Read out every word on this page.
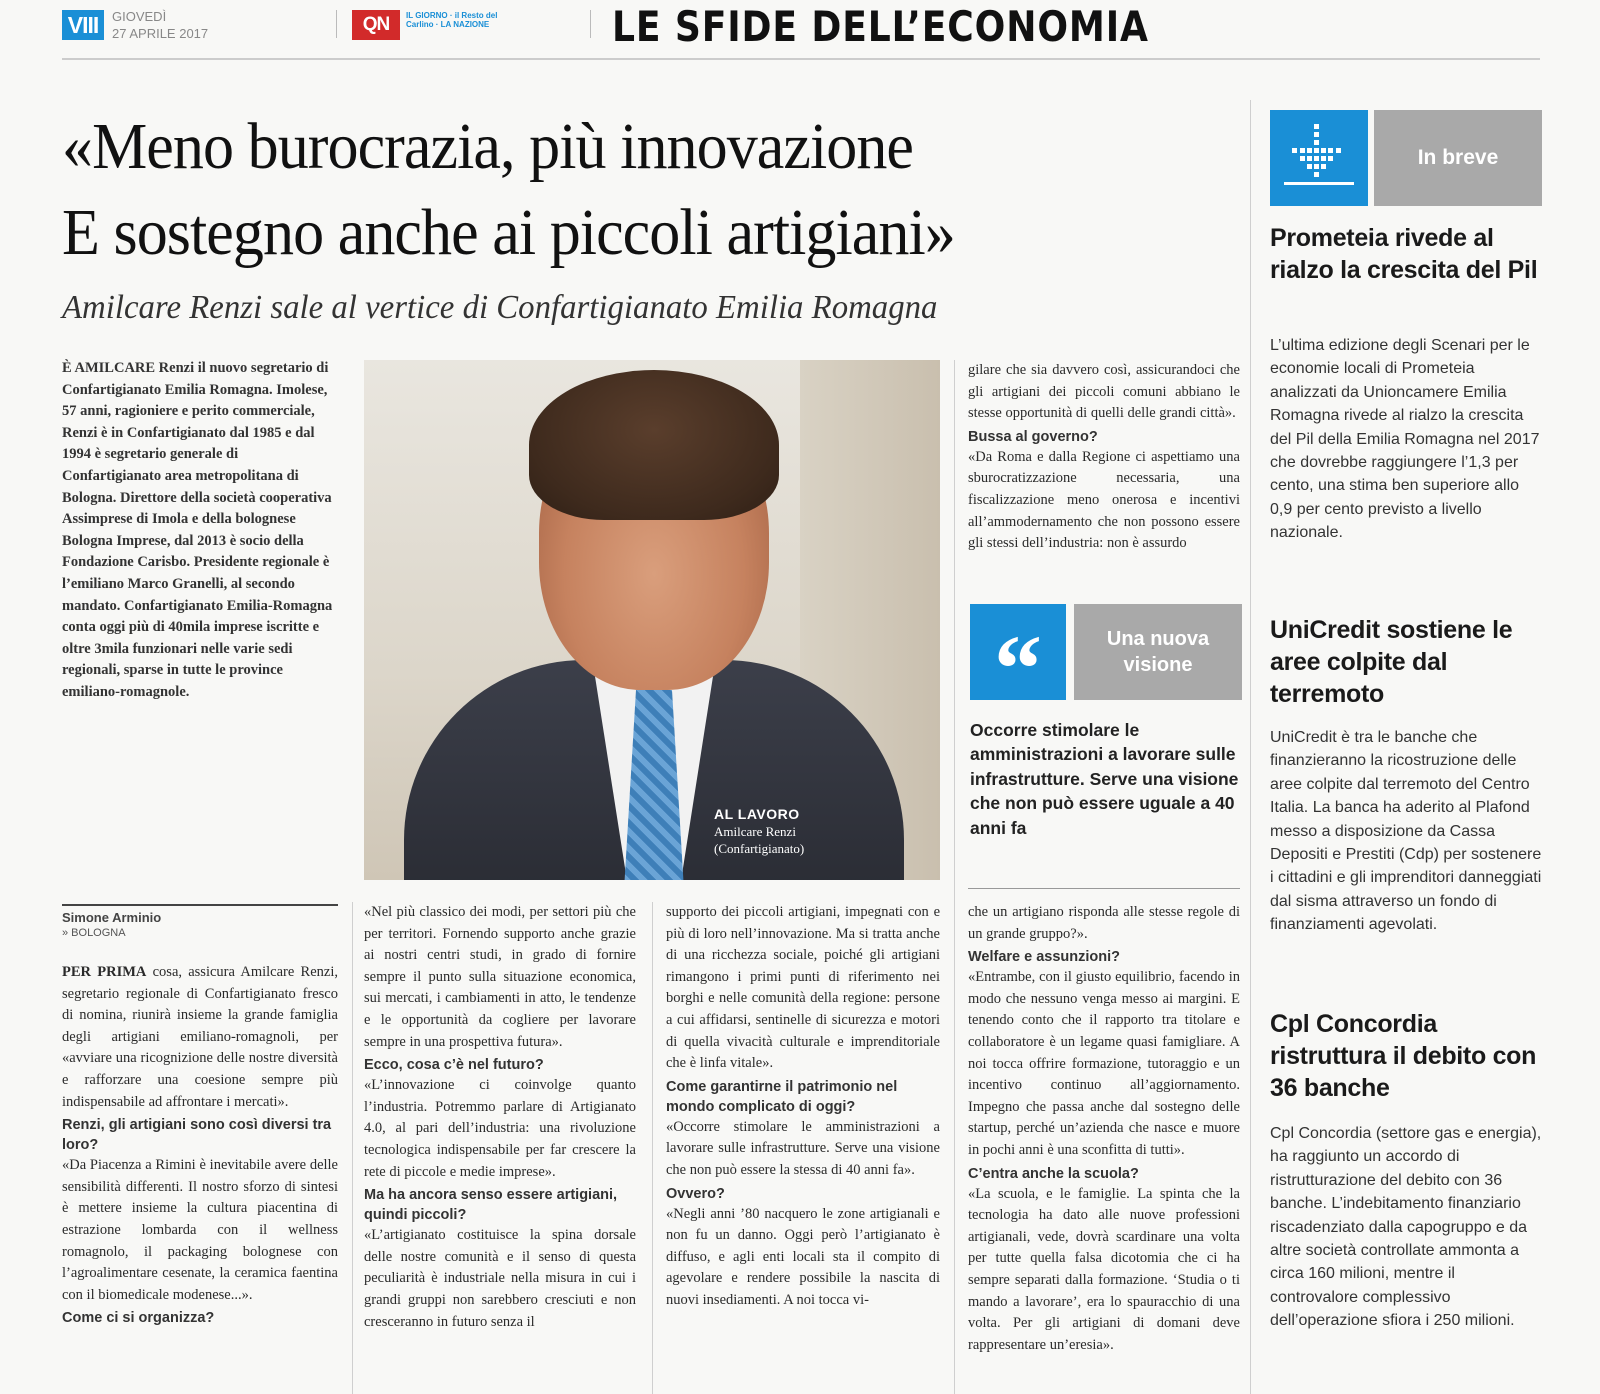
VIII	GIOVEDÌ
27 APRILE 2017	QN	IL GIORNO · il Resto del Carlino · LA NAZIONE	LE SFIDE DELL’ECONOMIA
«Meno burocrazia, più innovazione
E sostegno anche ai piccoli artigiani»
Amilcare Renzi sale al vertice di Confartigianato Emilia Romagna
È AMILCARE Renzi il nuovo segretario di Confartigianato Emilia Romagna. Imolese, 57 anni, ragioniere e perito commerciale, Renzi è in Confartigianato dal 1985 e dal 1994 è segretario generale di Confartigianato area metropolitana di Bologna. Direttore della società cooperativa Assimprese di Imola e della bolognese Bologna Imprese, dal 2013 è socio della Fondazione Carisbo. Presidente regionale è l’emiliano Marco Granelli, al secondo mandato. Confartigianato Emilia-Romagna conta oggi più di 40mila imprese iscritte e oltre 3mila funzionari nelle varie sedi regionali, sparse in tutte le province emiliano-romagnole.
AL LAVORO
Amilcare Renzi
(Confartigianato)
Simone Arminio
» BOLOGNA

PER PRIMA cosa, assicura Amilcare Renzi, segretario regionale di Confartigianato fresco di nomina, riunirà insieme la grande famiglia degli artigiani emiliano-romagnoli, per «avviare una ricognizione delle nostre diversità e rafforzare una coesione sempre più indispensabile ad affrontare i mercati».

Renzi, gli artigiani sono così diversi tra loro?

«Da Piacenza a Rimini è inevitabile avere delle sensibilità differenti. Il nostro sforzo di sintesi è mettere insieme la cultura piacentina di estrazione lombarda con il wellness romagnolo, il packaging bolognese con l’agroalimentare cesenate, la ceramica faentina con il biomedicale modenese...».

Come ci si organizza?

«Nel più classico dei modi, per settori più che per territori. Fornendo supporto anche grazie ai nostri centri studi, in grado di fornire sempre il punto sulla situazione economica, sui mercati, i cambiamenti in atto, le tendenze e le opportunità da cogliere per lavorare sempre in una prospettiva futura».

Ecco, cosa c’è nel futuro?

«L’innovazione ci coinvolge quanto l’industria. Potremmo parlare di Artigianato 4.0, al pari dell’industria: una rivoluzione tecnologica indispensabile per far crescere la rete di piccole e medie imprese».

Ma ha ancora senso essere artigiani, quindi piccoli?

«L’artigianato costituisce la spina dorsale delle nostre comunità e il senso di questa peculiarità è industriale nella misura in cui i grandi gruppi non sarebbero cresciuti e non cresceranno in futuro senza il

supporto dei piccoli artigiani, impegnati con e più di loro nell’innovazione. Ma si tratta anche di una ricchezza sociale, poiché gli artigiani rimangono i primi punti di riferimento nei borghi e nelle comunità della regione: persone a cui affidarsi, sentinelle di sicurezza e motori di quella vivacità culturale e imprenditoriale che è linfa vitale».

Come garantirne il patrimonio nel mondo complicato di oggi?

«Occorre stimolare le amministrazioni a lavorare sulle infrastrutture. Serve una visione che non può essere la stessa di 40 anni fa».

Ovvero?

«Negli anni ’80 nacquero le zone artigianali e non fu un danno. Oggi però l’artigianato è diffuso, e agli enti locali sta il compito di agevolare e rendere possibile la nascita di nuovi insediamenti. A noi tocca vi-

gilare che sia davvero così, assicurandoci che gli artigiani dei piccoli comuni abbiano le stesse opportunità di quelli delle grandi città».

Bussa al governo?

«Da Roma e dalla Regione ci aspettiamo una sburocratizzazione necessaria, una fiscalizzazione meno onerosa e incentivi all’ammodernamento che non possono essere gli stessi dell’industria: non è assurdo

che un artigiano risponda alle stesse regole di un grande gruppo?».

Welfare e assunzioni?

«Entrambe, con il giusto equilibrio, facendo in modo che nessuno venga messo ai margini. E tenendo conto che il rapporto tra titolare e collaboratore è un legame quasi famigliare. A noi tocca offrire formazione, tutoraggio e un incentivo continuo all’aggiornamento. Impegno che passa anche dal sostegno delle startup, perché un’azienda che nasce e muore in pochi anni è una sconfitta di tutti».

C’entra anche la scuola?

«La scuola, e le famiglie. La spinta che la tecnologia ha dato alle nuove professioni artigianali, vede, dovrà scardinare una volta per tutte quella falsa dicotomia che ci ha sempre separati dalla formazione. ‘Studia o ti mando a lavorare’, era lo spauracchio di una volta. Per gli artigiani di domani deve rappresentare un’eresia».

“	Una nuova
visione
Occorre stimolare le amministrazioni a lavorare sulle infrastrutture. Serve una visione che non può essere uguale a 40 anni fa
In breve
Prometeia rivede al rialzo la crescita del Pil
L’ultima edizione degli Scenari per le economie locali di Prometeia analizzati da Unioncamere Emilia Romagna rivede al rialzo la crescita del Pil della Emilia Romagna nel 2017 che dovrebbe raggiungere l’1,3 per cento, una stima ben superiore allo 0,9 per cento previsto a livello nazionale.
UniCredit sostiene le aree colpite dal terremoto
UniCredit è tra le banche che finanzieranno la ricostruzione delle aree colpite dal terremoto del Centro Italia. La banca ha aderito al Plafond messo a disposizione da Cassa Depositi e Prestiti (Cdp) per sostenere i cittadini e gli imprenditori danneggiati dal sisma attraverso un fondo di finanziamenti agevolati.
Cpl Concordia ristruttura il debito con 36 banche
Cpl Concordia (settore gas e energia), ha raggiunto un accordo di ristrutturazione del debito con 36 banche. L’indebitamento finanziario riscadenziato dalla capogruppo e da altre società controllate ammonta a circa 160 milioni, mentre il controvalore complessivo dell’operazione sfiora i 250 milioni.
